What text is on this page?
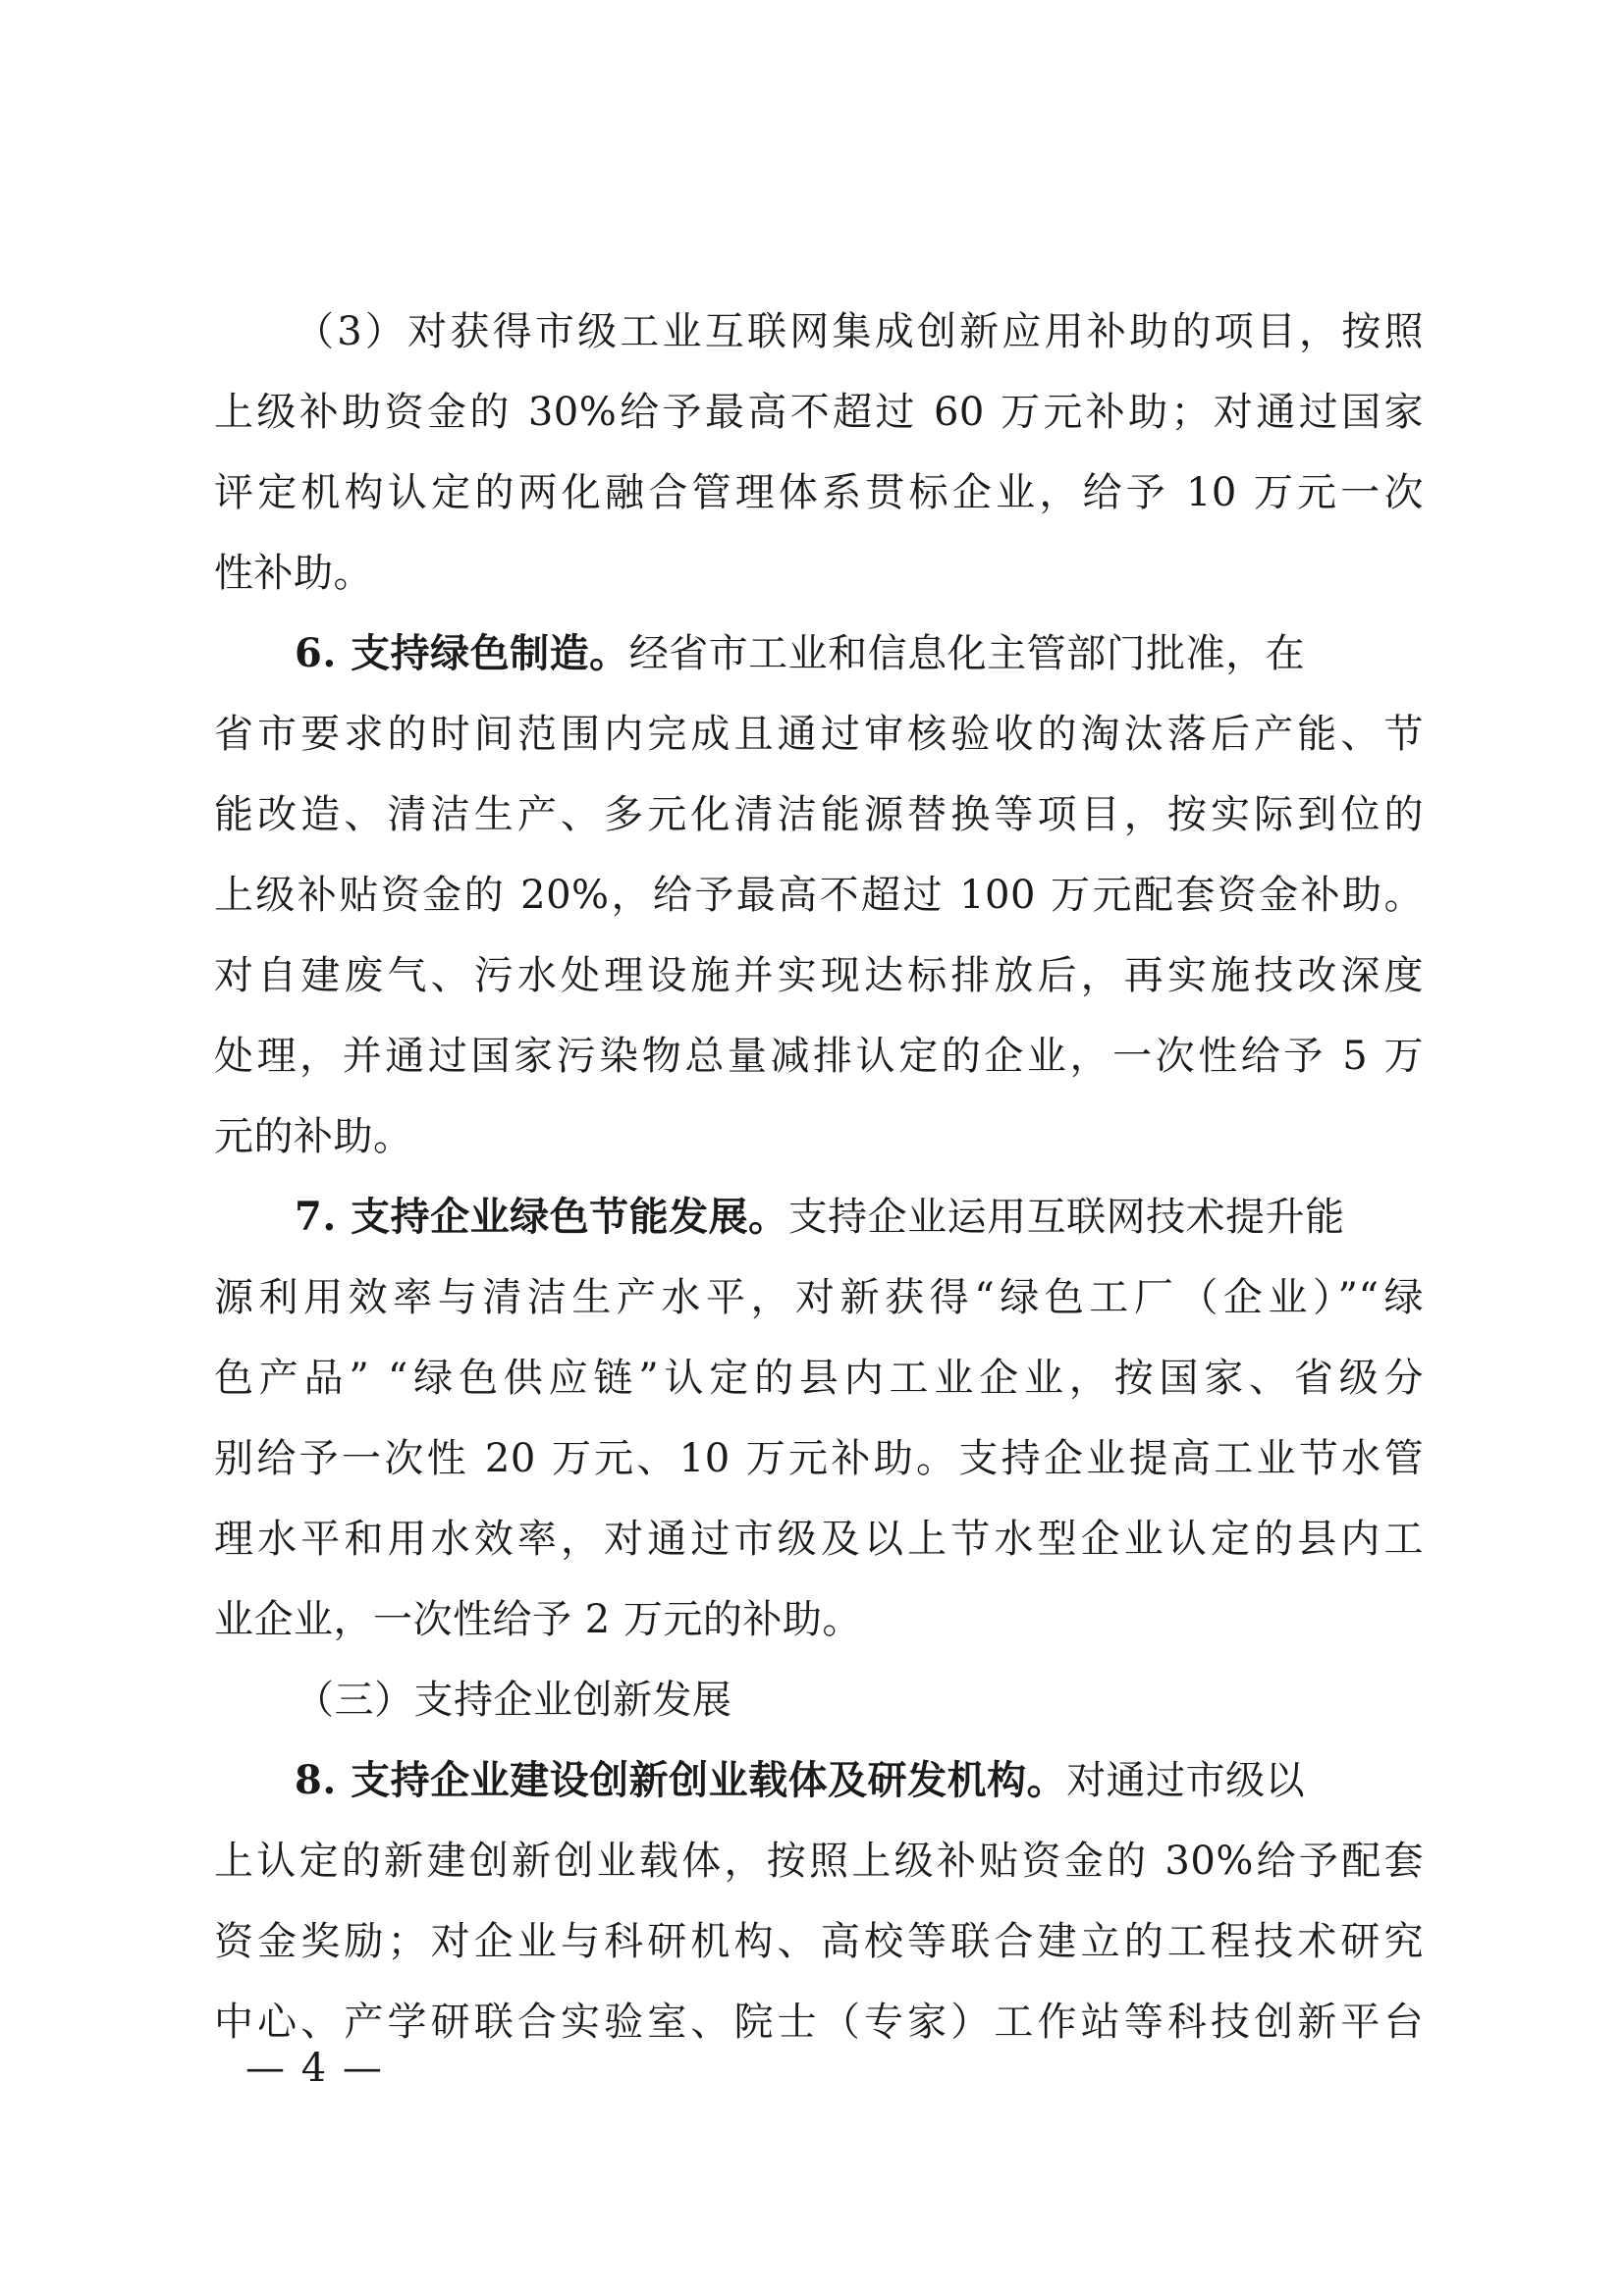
（3）对获得市级工业互联网集成创新应用补助的项目，按照
上级补助资金的 30%给予最高不超过 60 万元补助；对通过国家
评定机构认定的两化融合管理体系贯标企业，给予 10 万元一次
性补助。
6. 支持绿色制造。经省市工业和信息化主管部门批准，在
省市要求的时间范围内完成且通过审核验收的淘汰落后产能、节
能改造、清洁生产、多元化清洁能源替换等项目，按实际到位的
上级补贴资金的 20%，给予最高不超过 100 万元配套资金补助。
对自建废气、污水处理设施并实现达标排放后，再实施技改深度
处理，并通过国家污染物总量减排认定的企业，一次性给予 5 万
元的补助。
7. 支持企业绿色节能发展。支持企业运用互联网技术提升能
源利用效率与清洁生产水平，对新获得“绿色工厂（企业）”“绿
色产品” “绿色供应链”认定的县内工业企业，按国家、省级分
别给予一次性 20 万元、10 万元补助。支持企业提高工业节水管
理水平和用水效率，对通过市级及以上节水型企业认定的县内工
业企业，一次性给予 2 万元的补助。
（三）支持企业创新发展
8. 支持企业建设创新创业载体及研发机构。对通过市级以
上认定的新建创新创业载体，按照上级补贴资金的 30%给予配套
资金奖励；对企业与科研机构、高校等联合建立的工程技术研究
中心、产学研联合实验室、院士（专家）工作站等科技创新平台
— 4 —
